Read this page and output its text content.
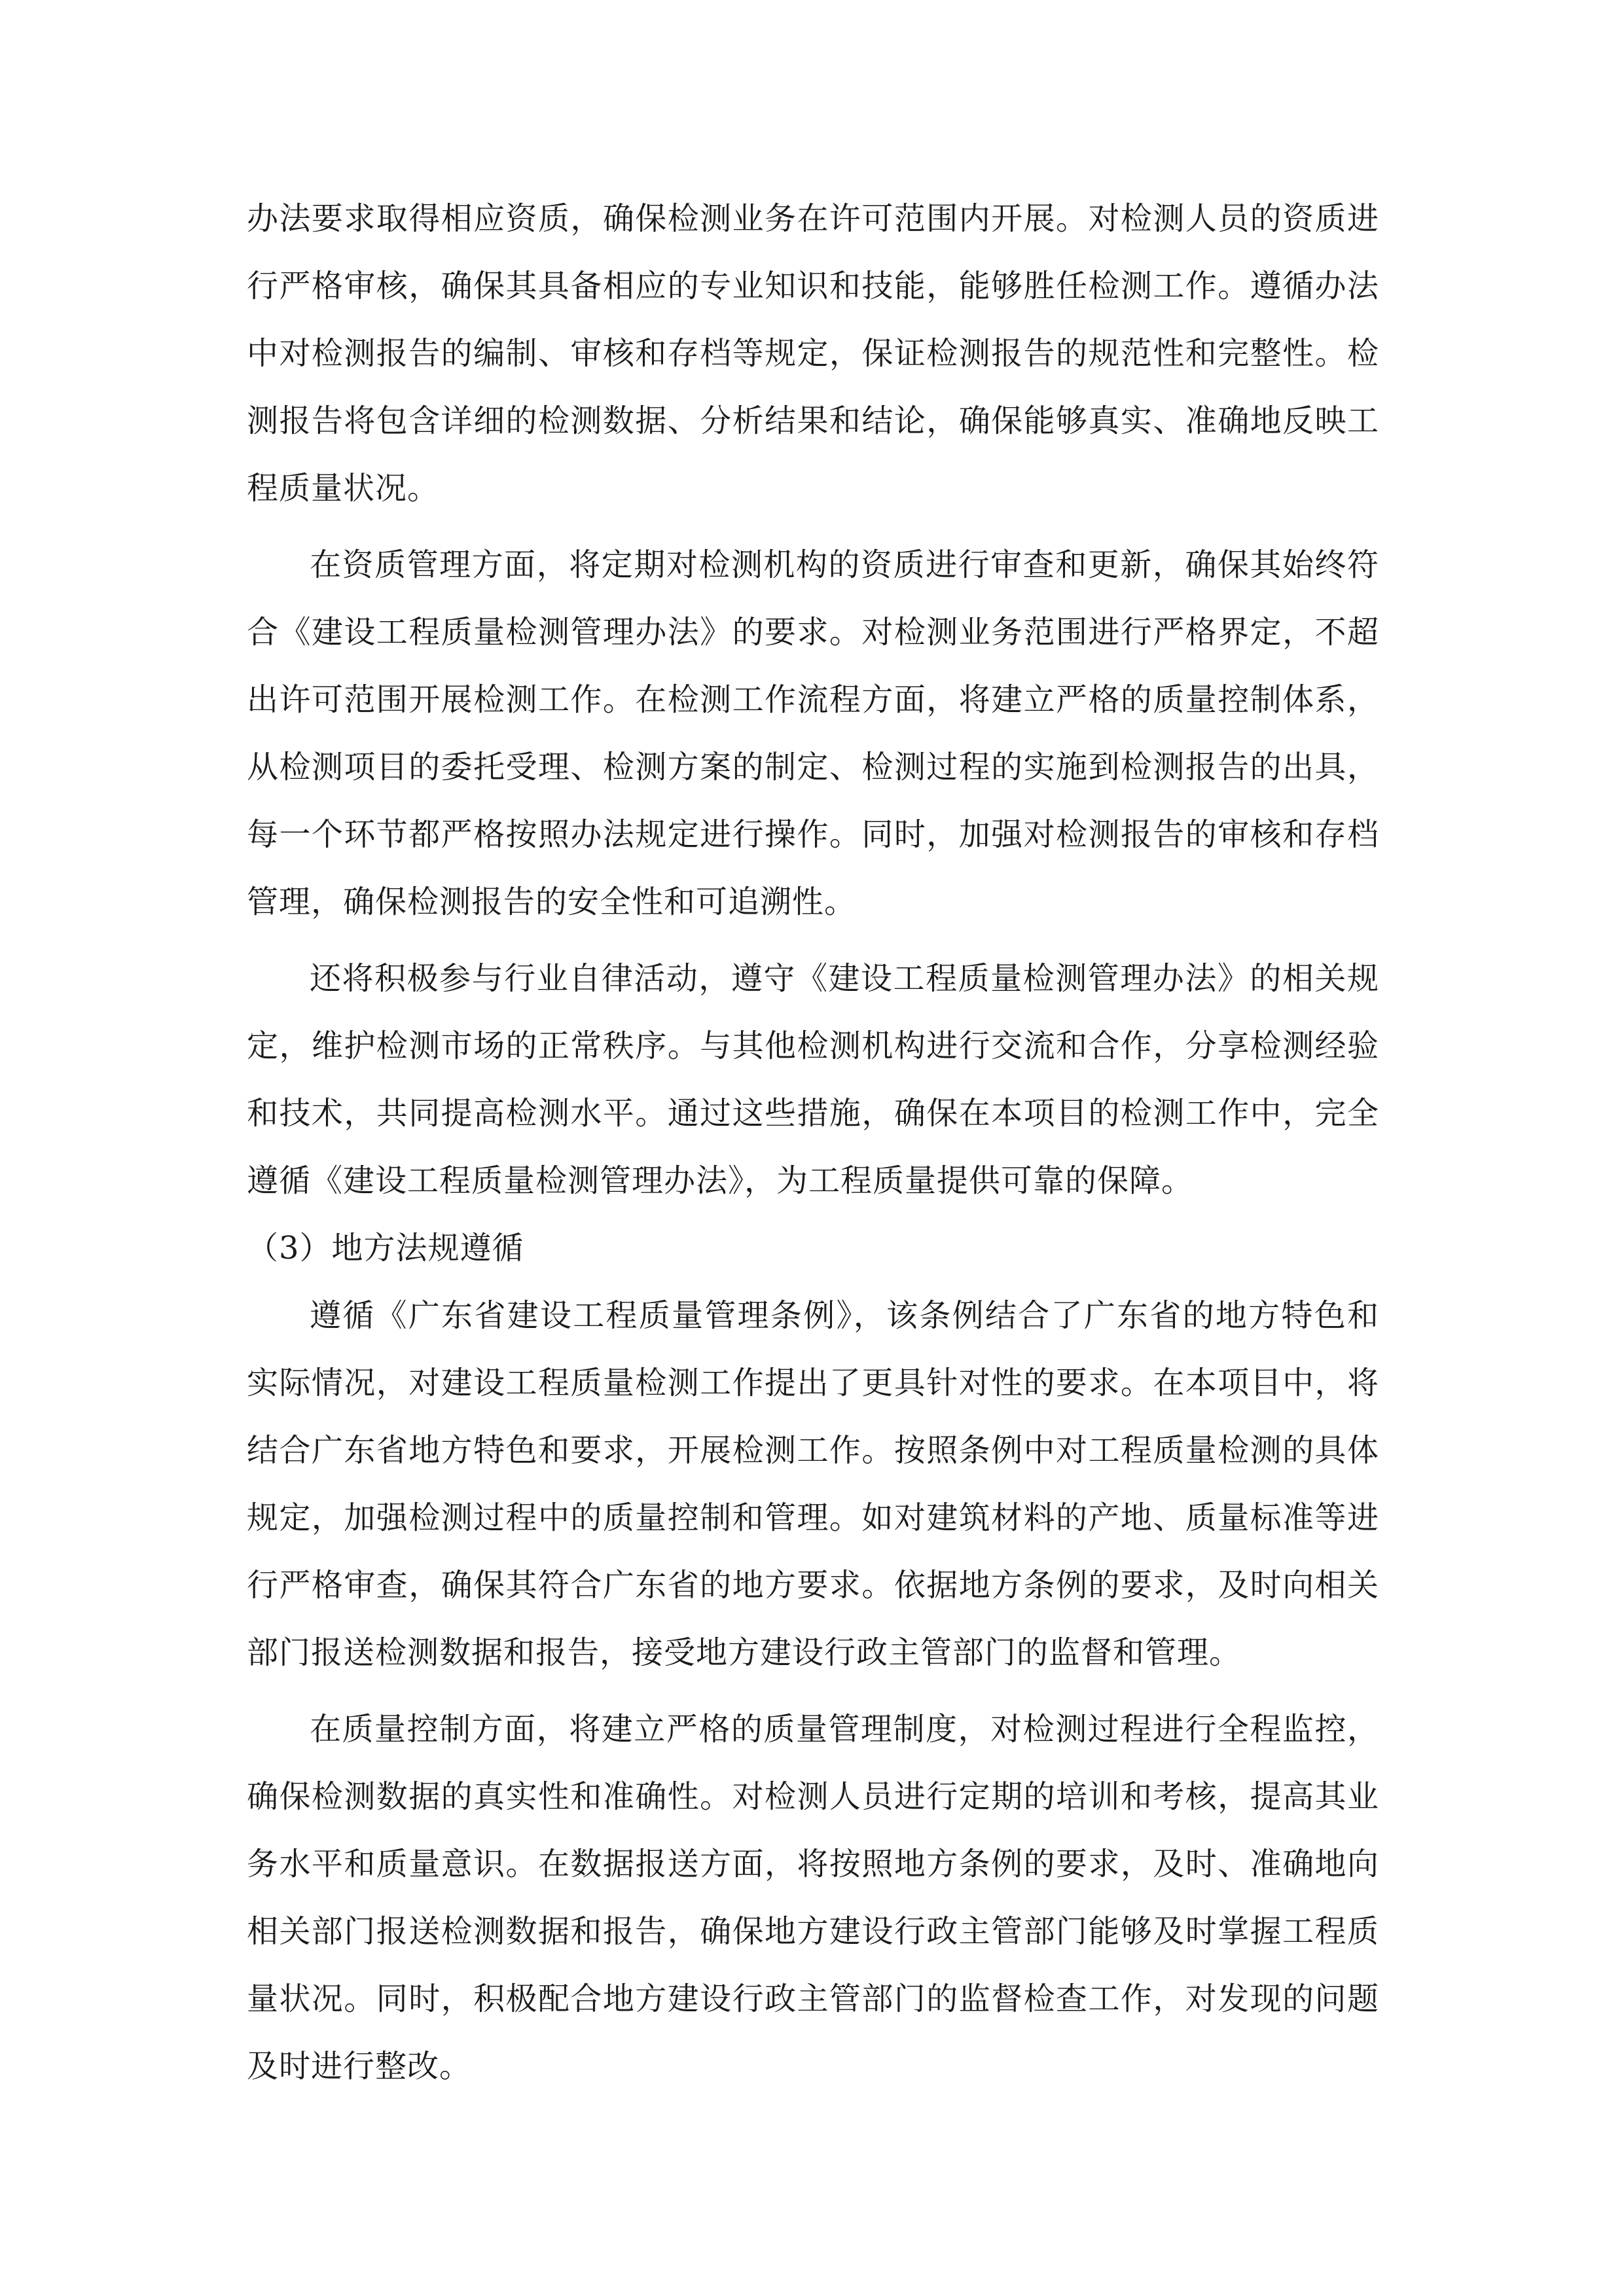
办法要求取得相应资质，确保检测业务在许可范围内开展。对检测人员的资质进行严格审核，确保其具备相应的专业知识和技能，能够胜任检测工作。遵循办法中对检测报告的编制、审核和存档等规定，保证检测报告的规范性和完整性。检测报告将包含详细的检测数据、分析结果和结论，确保能够真实、准确地反映工程质量状况。

在资质管理方面，将定期对检测机构的资质进行审查和更新，确保其始终符合《建设工程质量检测管理办法》的要求。对检测业务范围进行严格界定，不超出许可范围开展检测工作。在检测工作流程方面，将建立严格的质量控制体系，从检测项目的委托受理、检测方案的制定、检测过程的实施到检测报告的出具，每一个环节都严格按照办法规定进行操作。同时，加强对检测报告的审核和存档管理，确保检测报告的安全性和可追溯性。

还将积极参与行业自律活动，遵守《建设工程质量检测管理办法》的相关规定，维护检测市场的正常秩序。与其他检测机构进行交流和合作，分享检测经验和技术，共同提高检测水平。通过这些措施，确保在本项目的检测工作中，完全遵循《建设工程质量检测管理办法》，为工程质量提供可靠的保障。

（3）地方法规遵循

遵循《广东省建设工程质量管理条例》，该条例结合了广东省的地方特色和实际情况，对建设工程质量检测工作提出了更具针对性的要求。在本项目中，将结合广东省地方特色和要求，开展检测工作。按照条例中对工程质量检测的具体规定，加强检测过程中的质量控制和管理。如对建筑材料的产地、质量标准等进行严格审查，确保其符合广东省的地方要求。依据地方条例的要求，及时向相关部门报送检测数据和报告，接受地方建设行政主管部门的监督和管理。

在质量控制方面，将建立严格的质量管理制度，对检测过程进行全程监控，确保检测数据的真实性和准确性。对检测人员进行定期的培训和考核，提高其业务水平和质量意识。在数据报送方面，将按照地方条例的要求，及时、准确地向相关部门报送检测数据和报告，确保地方建设行政主管部门能够及时掌握工程质量状况。同时，积极配合地方建设行政主管部门的监督检查工作，对发现的问题及时进行整改。
